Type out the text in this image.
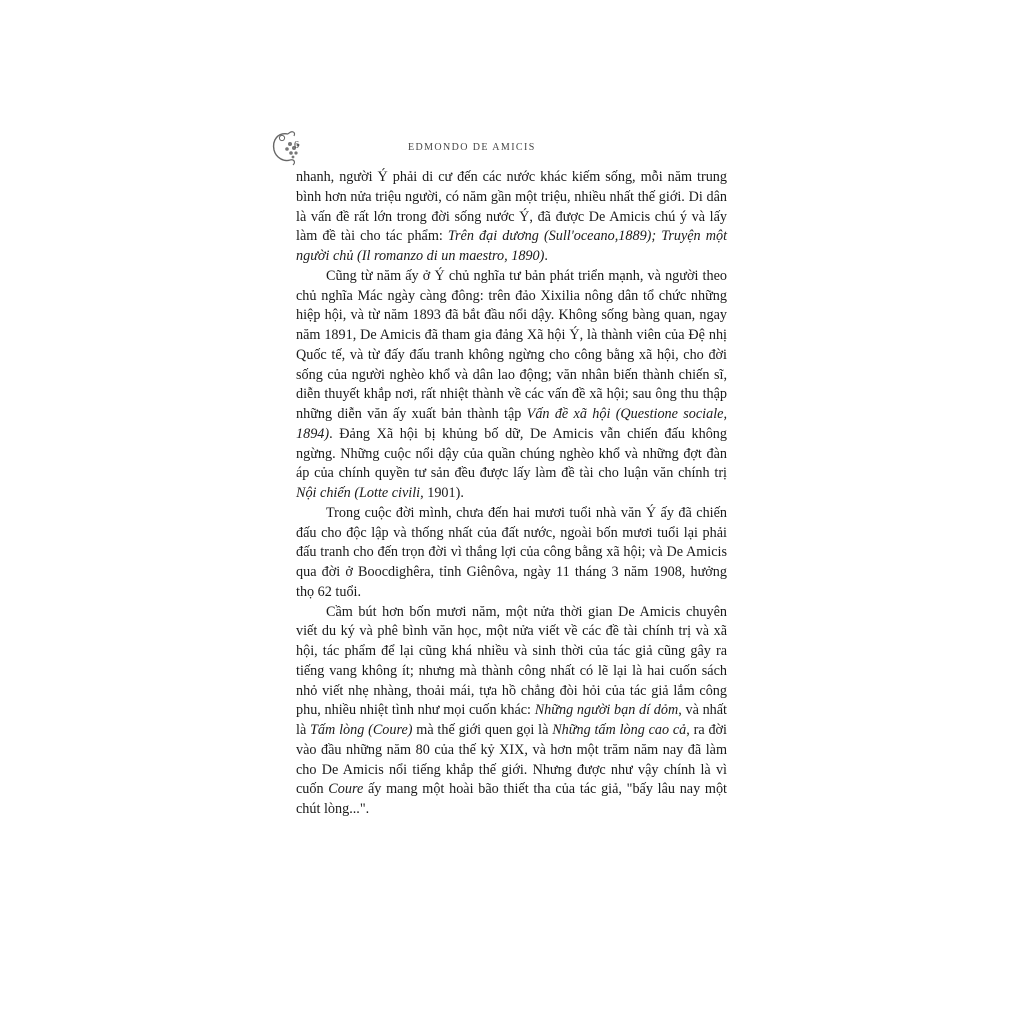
6	EDMONDO DE AMICIS

nhanh, người Ý phải di cư đến các nước khác kiếm sống, mỗi năm trung bình hơn nửa triệu người, có năm gần một triệu, nhiều nhất thế giới. Di dân là vấn đề rất lớn trong đời sống nước Ý, đã được De Amicis chú ý và lấy làm đề tài cho tác phẩm: Trên đại dương (Sull'oceano,1889); Truyện một người chủ (Il romanzo di un maestro, 1890).

Cũng từ năm ấy ở Ý chủ nghĩa tư bản phát triển mạnh, và người theo chủ nghĩa Mác ngày càng đông: trên đảo Xixilia nông dân tổ chức những hiệp hội, và từ năm 1893 đã bắt đầu nổi dậy. Không sống bàng quan, ngay năm 1891, De Amicis đã tham gia đảng Xã hội Ý, là thành viên của Đệ nhị Quốc tế, và từ đấy đấu tranh không ngừng cho công bằng xã hội, cho đời sống của người nghèo khổ và dân lao động; văn nhân biến thành chiến sĩ, diễn thuyết khắp nơi, rất nhiệt thành về các vấn đề xã hội; sau ông thu thập những diễn văn ấy xuất bản thành tập Vấn đề xã hội (Questione sociale, 1894). Đảng Xã hội bị khủng bố dữ, De Amicis vẫn chiến đấu không ngừng. Những cuộc nổi dậy của quần chúng nghèo khổ và những đợt đàn áp của chính quyền tư sản đều được lấy làm đề tài cho luận văn chính trị Nội chiến (Lotte civili, 1901).

Trong cuộc đời mình, chưa đến hai mươi tuổi nhà văn Ý ấy đã chiến đấu cho độc lập và thống nhất của đất nước, ngoài bốn mươi tuổi lại phải đấu tranh cho đến trọn đời vì thắng lợi của công bằng xã hội; và De Amicis qua đời ở Boocdighêra, tỉnh Giênôva, ngày 11 tháng 3 năm 1908, hưởng thọ 62 tuổi.

Cầm bút hơn bốn mươi năm, một nửa thời gian De Amicis chuyên viết du ký và phê bình văn học, một nửa viết về các đề tài chính trị và xã hội, tác phẩm để lại cũng khá nhiều và sinh thời của tác giả cũng gây ra tiếng vang không ít; nhưng mà thành công nhất có lẽ lại là hai cuốn sách nhỏ viết nhẹ nhàng, thoải mái, tựa hồ chẳng đòi hỏi của tác giả lắm công phu, nhiều nhiệt tình như mọi cuốn khác: Những người bạn dí dỏm, và nhất là Tấm lòng (Coure) mà thế giới quen gọi là Những tấm lòng cao cả, ra đời vào đầu những năm 80 của thế kỷ XIX, và hơn một trăm năm nay đã làm cho De Amicis nổi tiếng khắp thế giới. Nhưng được như vậy chính là vì cuốn Coure ấy mang một hoài bão thiết tha của tác giả, "bấy lâu nay một chút lòng...".
